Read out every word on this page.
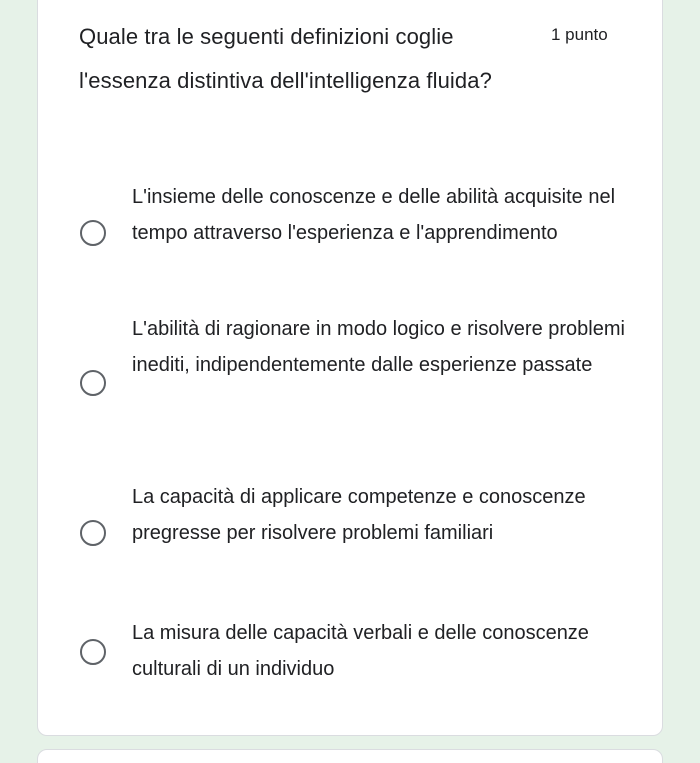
Quale tra le seguenti definizioni coglie l'essenza distintiva dell'intelligenza fluida?
1 punto
L'insieme delle conoscenze e delle abilità acquisite nel tempo attraverso l'esperienza e l'apprendimento
L'abilità di ragionare in modo logico e risolvere problemi inediti, indipendentemente dalle esperienze passate
La capacità di applicare competenze e conoscenze pregresse per risolvere problemi familiari
La misura delle capacità verbali e delle conoscenze culturali di un individuo
